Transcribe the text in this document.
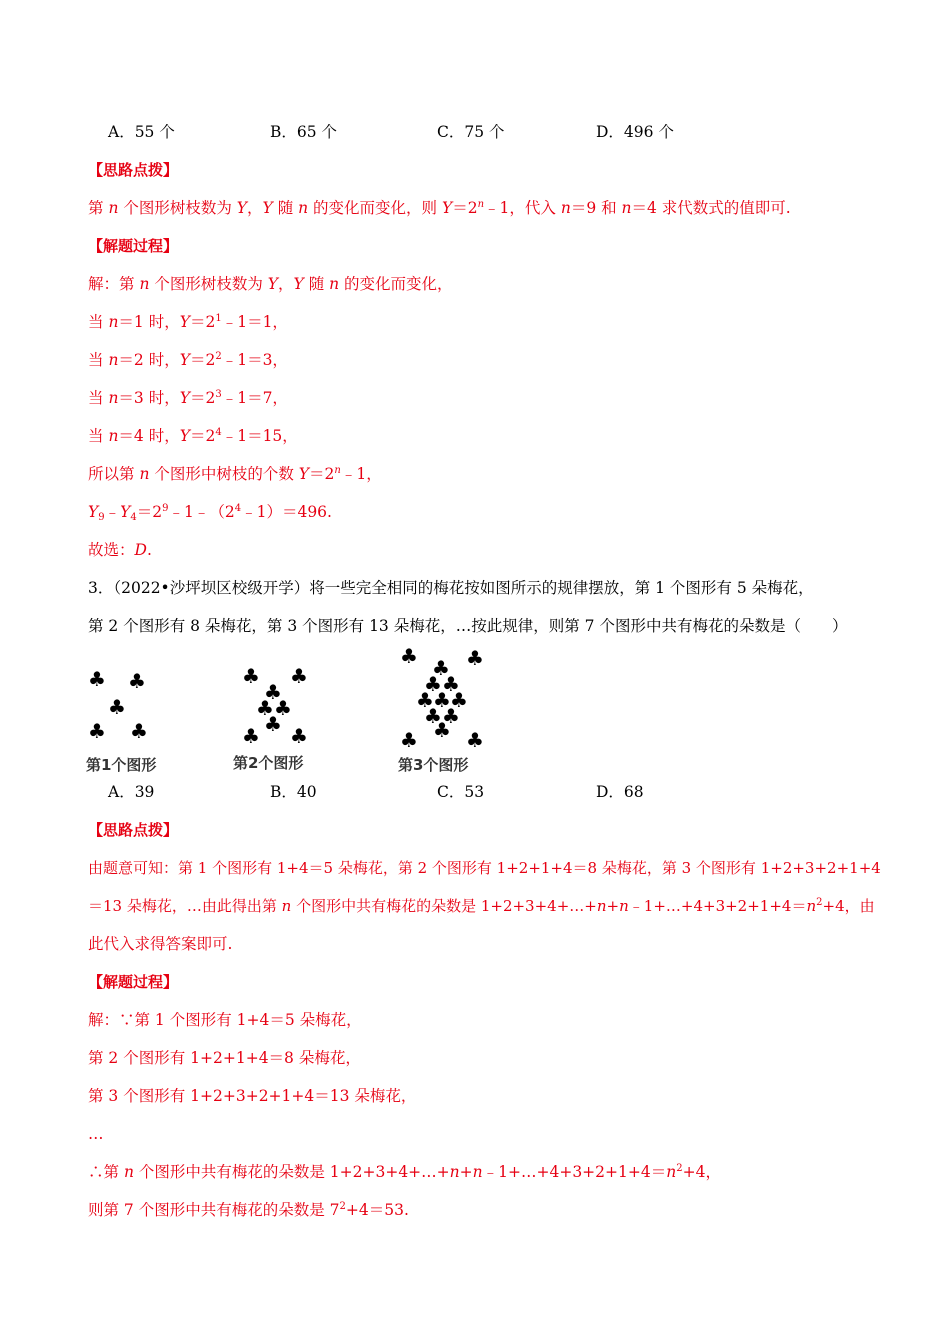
A．55 个	B．65 个	C．75 个	D．496 个
【思路点拨】
第 n 个图形树枝数为 Y，Y 随 n 的变化而变化，则 $Y=2^n﹣1$，代入 n＝9 和 n＝4 求代数式的值即可.
【解题过程】
解：第 n 个图形树枝数为 Y，Y 随 n 的变化而变化，
当 n＝1 时，$Y=2^1﹣1=1$，
当 n＝2 时，$Y=2^2﹣1=3$，
当 n＝3 时，$Y=2^3﹣1=7$，
当 n＝4 时，$Y=2^4﹣1=15$，
所以第 n 个图形中树枝的个数 $Y=2^n﹣1$，
$Y_9﹣Y_4=2^9﹣1﹣(2^4﹣1)=496$.
故选：D.
3．（2022•沙坪坝区校级开学）将一些完全相同的梅花按如图所示的规律摆放，第 1 个图形有 5 朵梅花，
第 2 个图形有 8 朵梅花，第 3 个图形有 13 朵梅花，…按此规律，则第 7 个图形中共有梅花的朵数是（　　）
♣ ♣
♣
♣ ♣
第1个图形
♣ ♣
♣
♣ ♣
♣
♣ ♣
第2个图形
♣ ♣
♣
♣ ♣
♣ ♣ ♣
♣ ♣
♣
♣ ♣
第3个图形
A．39	B．40	C．53	D．68
【思路点拨】
由题意可知：第 1 个图形有 1+4＝5 朵梅花，第 2 个图形有 1+2+1+4＝8 朵梅花，第 3 个图形有 1+2+3+2+1+4
＝13 朵梅花，…由此得出第 n 个图形中共有梅花的朵数是 $1+2+3+4+\dots+n+n﹣1+\dots+4+3+2+1+4=n^2+4$，由
此代入求得答案即可.
【解题过程】
解：∵第 1 个图形有 1+4＝5 朵梅花，
第 2 个图形有 1+2+1+4＝8 朵梅花，
第 3 个图形有 1+2+3+2+1+4＝13 朵梅花，
…
∴第 n 个图形中共有梅花的朵数是 $1+2+3+4+\dots+n+n﹣1+\dots+4+3+2+1+4=n^2+4$，
则第 7 个图形中共有梅花的朵数是 $7^2+4=53$.
